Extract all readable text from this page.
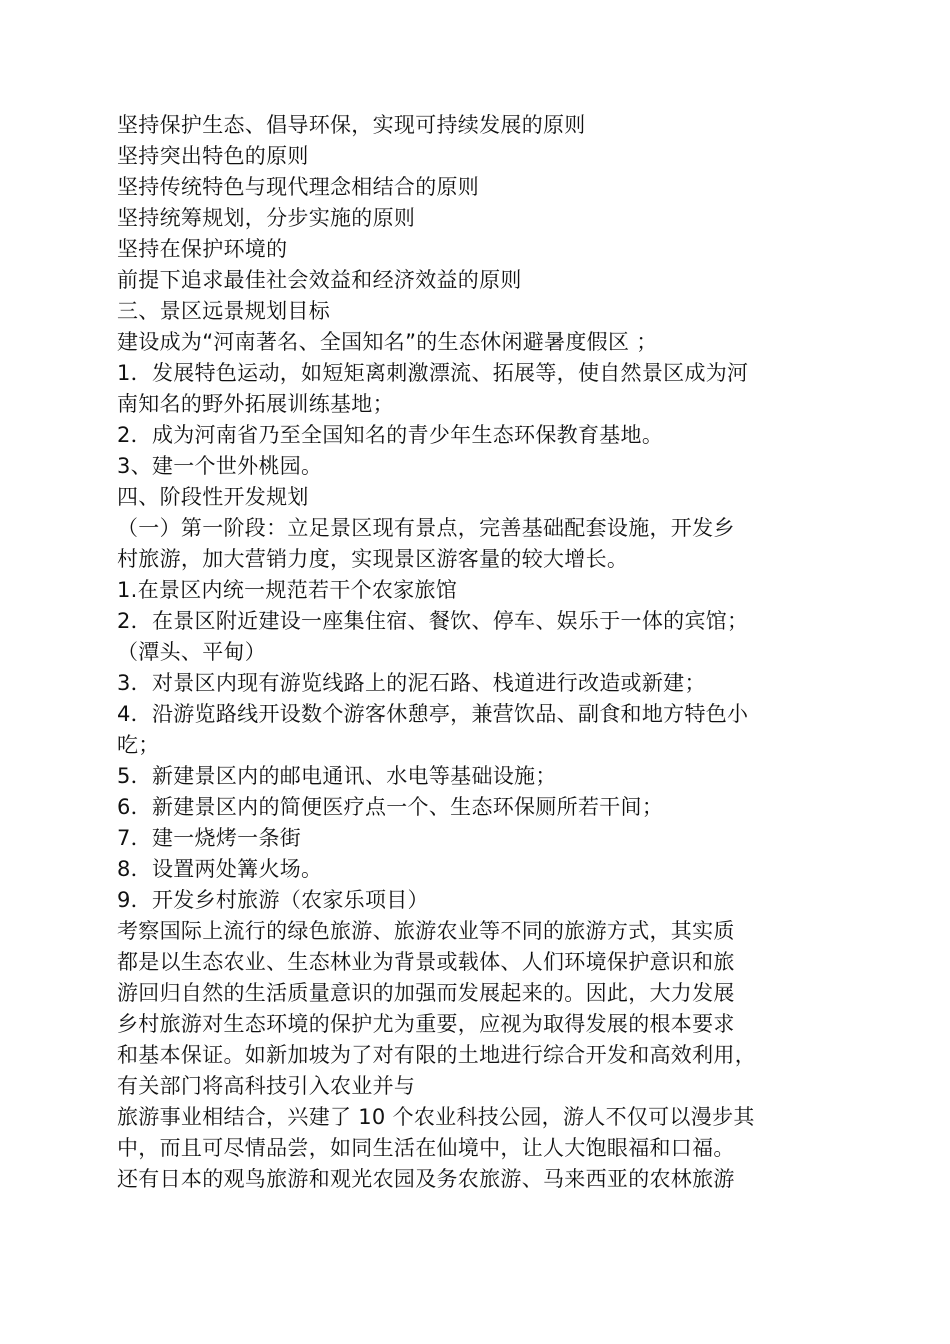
坚持保护生态、倡导环保，实现可持续发展的原则
坚持突出特色的原则
坚持传统特色与现代理念相结合的原则
坚持统筹规划，分步实施的原则
坚持在保护环境的
前提下追求最佳社会效益和经济效益的原则
三、景区远景规划目标
建设成为“河南著名、全国知名”的生态休闲避暑度假区 ；
1．发展特色运动，如短矩离刺激漂流、拓展等，使自然景区成为河
南知名的野外拓展训练基地；
2．成为河南省乃至全国知名的青少年生态环保教育基地。
3、建一个世外桃园。
四、阶段性开发规划
（一）第一阶段：立足景区现有景点，完善基础配套设施，开发乡
村旅游，加大营销力度，实现景区游客量的较大增长。
1.在景区内统一规范若干个农家旅馆
2．在景区附近建设一座集住宿、餐饮、停车、娱乐于一体的宾馆；
（潭头、平甸）
3．对景区内现有游览线路上的泥石路、栈道进行改造或新建；
4．沿游览路线开设数个游客休憩亭，兼营饮品、副食和地方特色小
吃；
5．新建景区内的邮电通讯、水电等基础设施；
6．新建景区内的简便医疗点一个、生态环保厕所若干间；
7．建一烧烤一条街
8．设置两处篝火场。
9．开发乡村旅游（农家乐项目）
考察国际上流行的绿色旅游、旅游农业等不同的旅游方式，其实质
都是以生态农业、生态林业为背景或载体、人们环境保护意识和旅
游回归自然的生活质量意识的加强而发展起来的。因此，大力发展
乡村旅游对生态环境的保护尤为重要，应视为取得发展的根本要求
和基本保证。如新加坡为了对有限的土地进行综合开发和高效利用，
有关部门将高科技引入农业并与
旅游事业相结合，兴建了 10 个农业科技公园，游人不仅可以漫步其
中，而且可尽情品尝，如同生活在仙境中，让人大饱眼福和口福。
还有日本的观鸟旅游和观光农园及务农旅游、马来西亚的农林旅游
